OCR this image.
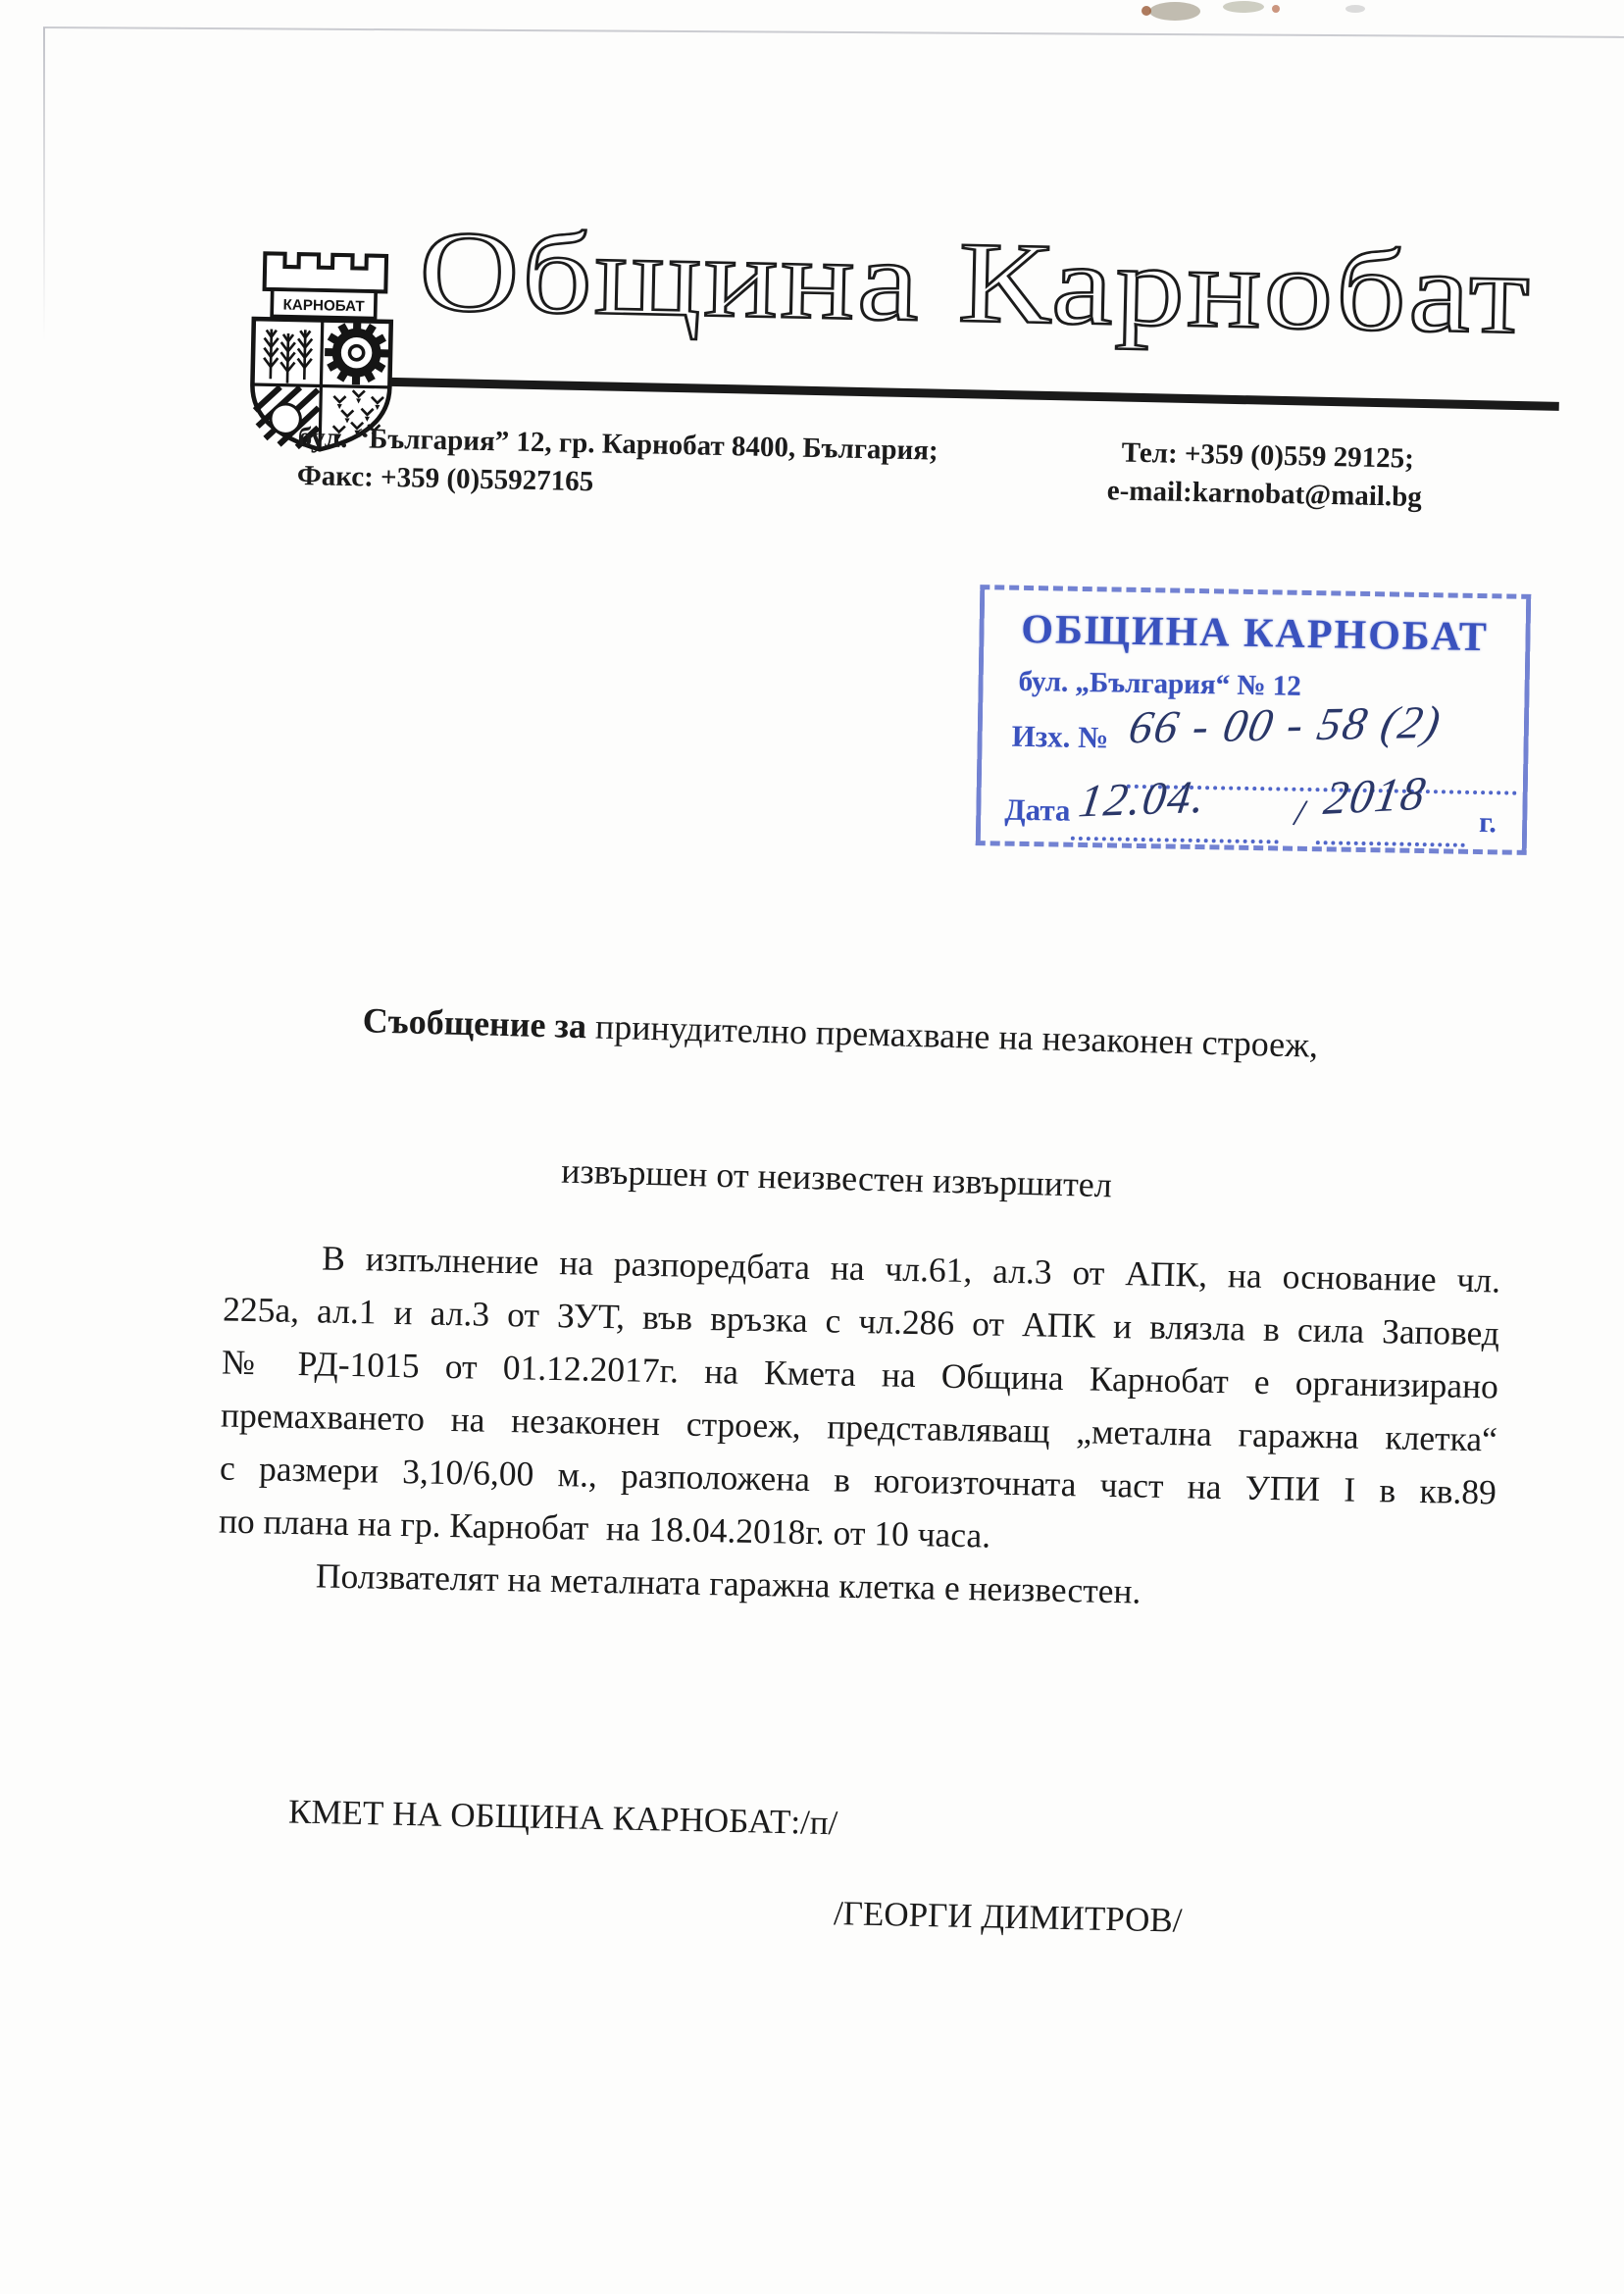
КАРНОБАТ Община Карнобат
бул. “България” 12, гр. Карнобат 8400, България;
Факс: +359 (0)55927165
Тел: +359 (0)559 29125;
e-mail:karnobat@mail.bg
ОБЩИНА КАРНОБАТ
бул. „България“ № 12
Изх. № 66 - 00 - 58 (2)
Дата 12.04. / 2018 г.

Съобщение за принудително премахване на незаконен строеж,

извършен от неизвестен извършител

В изпълнение на разпоредбата на чл.61, ал.3 от АПК, на основание чл.
225а, ал.1 и ал.3 от ЗУТ, във връзка с чл.286 от АПК и влязла в сила Заповед
№ РД-1015 от 01.12.2017г. на Кмета на Община Карнобат е организирано
премахването на незаконен строеж, представляващ „метална гаражна клетка“
с размери 3,10/6,00 м., разположена в югоизточната част на УПИ I в кв.89
по плана на гр. Карнобат  на 18.04.2018г. от 10 часа.
Ползвателят на металната гаражна клетка е неизвестен.
КМЕТ НА ОБЩИНА КАРНОБАТ:/п/
/ГЕОРГИ ДИМИТРОВ/
